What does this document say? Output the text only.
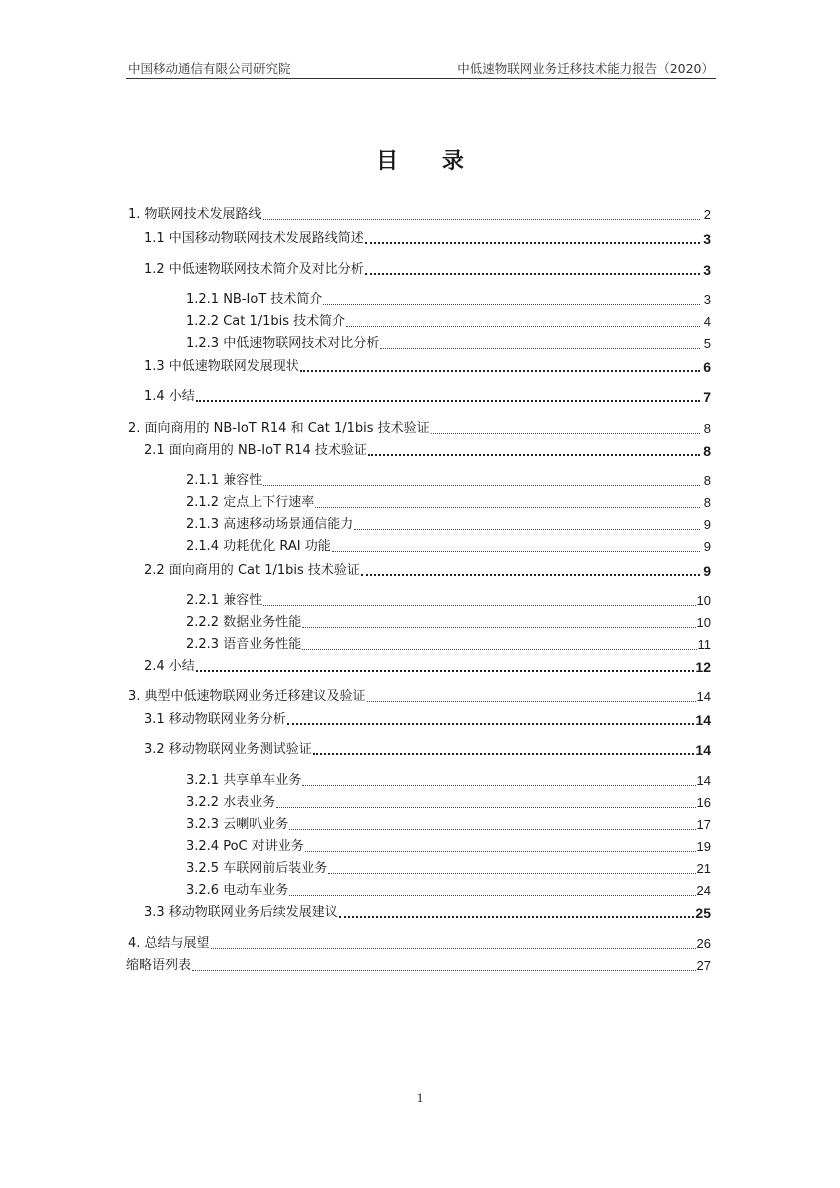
中国移动通信有限公司研究院	中低速物联网业务迁移技术能力报告（2020）
目 录
1. 物联网技术发展路线	2
1.1 中国移动物联网技术发展路线简述	3
1.2 中低速物联网技术简介及对比分析	3
1.2.1 NB-IoT 技术简介	3
1.2.2 Cat 1/1bis 技术简介	4
1.2.3 中低速物联网技术对比分析	5
1.3 中低速物联网发展现状	6
1.4 小结	7
2. 面向商用的 NB-IoT R14 和 Cat 1/1bis 技术验证	8
2.1 面向商用的 NB-IoT R14 技术验证	8
2.1.1 兼容性	8
2.1.2 定点上下行速率	8
2.1.3 高速移动场景通信能力	9
2.1.4 功耗优化 RAI 功能	9
2.2 面向商用的 Cat 1/1bis 技术验证	9
2.2.1 兼容性	10
2.2.2 数据业务性能	10
2.2.3 语音业务性能	11
2.4 小结	12
3. 典型中低速物联网业务迁移建议及验证	14
3.1 移动物联网业务分析	14
3.2 移动物联网业务测试验证	14
3.2.1 共享单车业务	14
3.2.2 水表业务	16
3.2.3 云喇叭业务	17
3.2.4 PoC 对讲业务	19
3.2.5 车联网前后装业务	21
3.2.6 电动车业务	24
3.3 移动物联网业务后续发展建议	25
4. 总结与展望	26
缩略语列表	27
1
